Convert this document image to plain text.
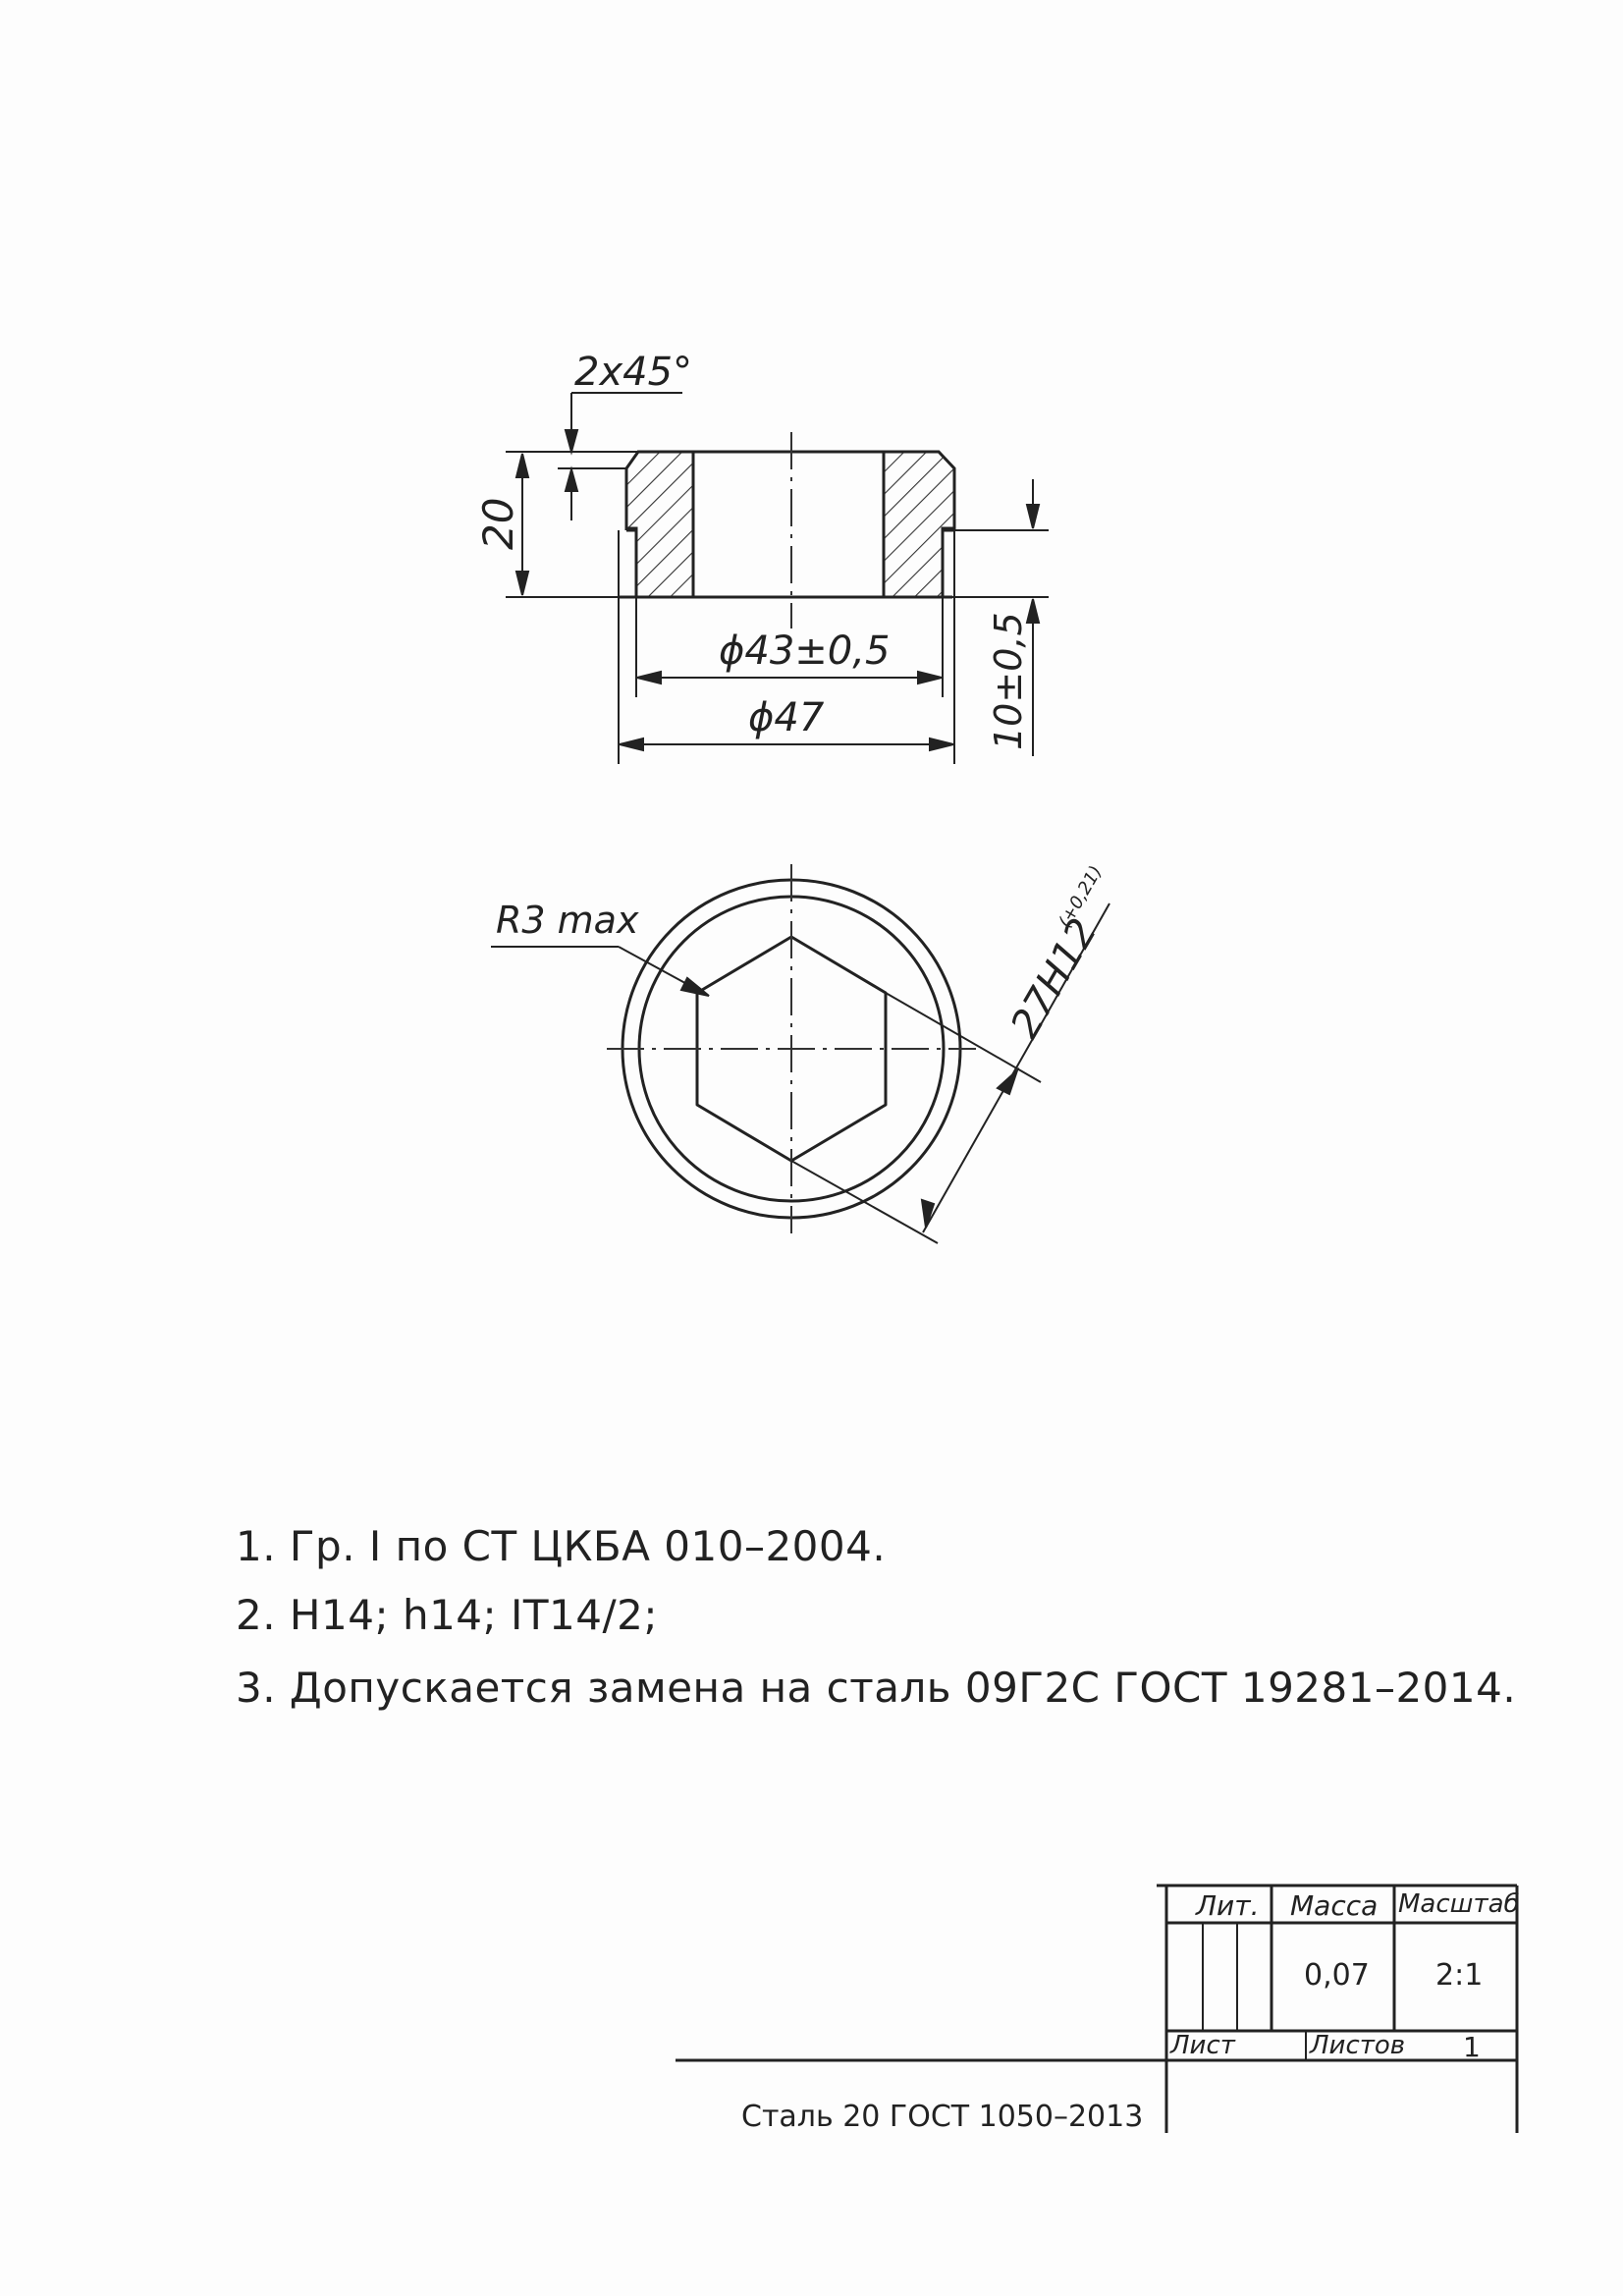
20
2x45°
ϕ43±0,5
ϕ47	10±0,5
R3 max	27H12
(+0,21)
1. Гр. I по СТ ЦКБА 010–2004.
2. H14; h14; IT14/2;
3. Допускается замена на сталь 09Г2С ГОСТ 19281–2014.
Лит. Масса Масштаб
0,07 2:1
Лист	Листов 1
Сталь 20 ГОСТ 1050–2013
